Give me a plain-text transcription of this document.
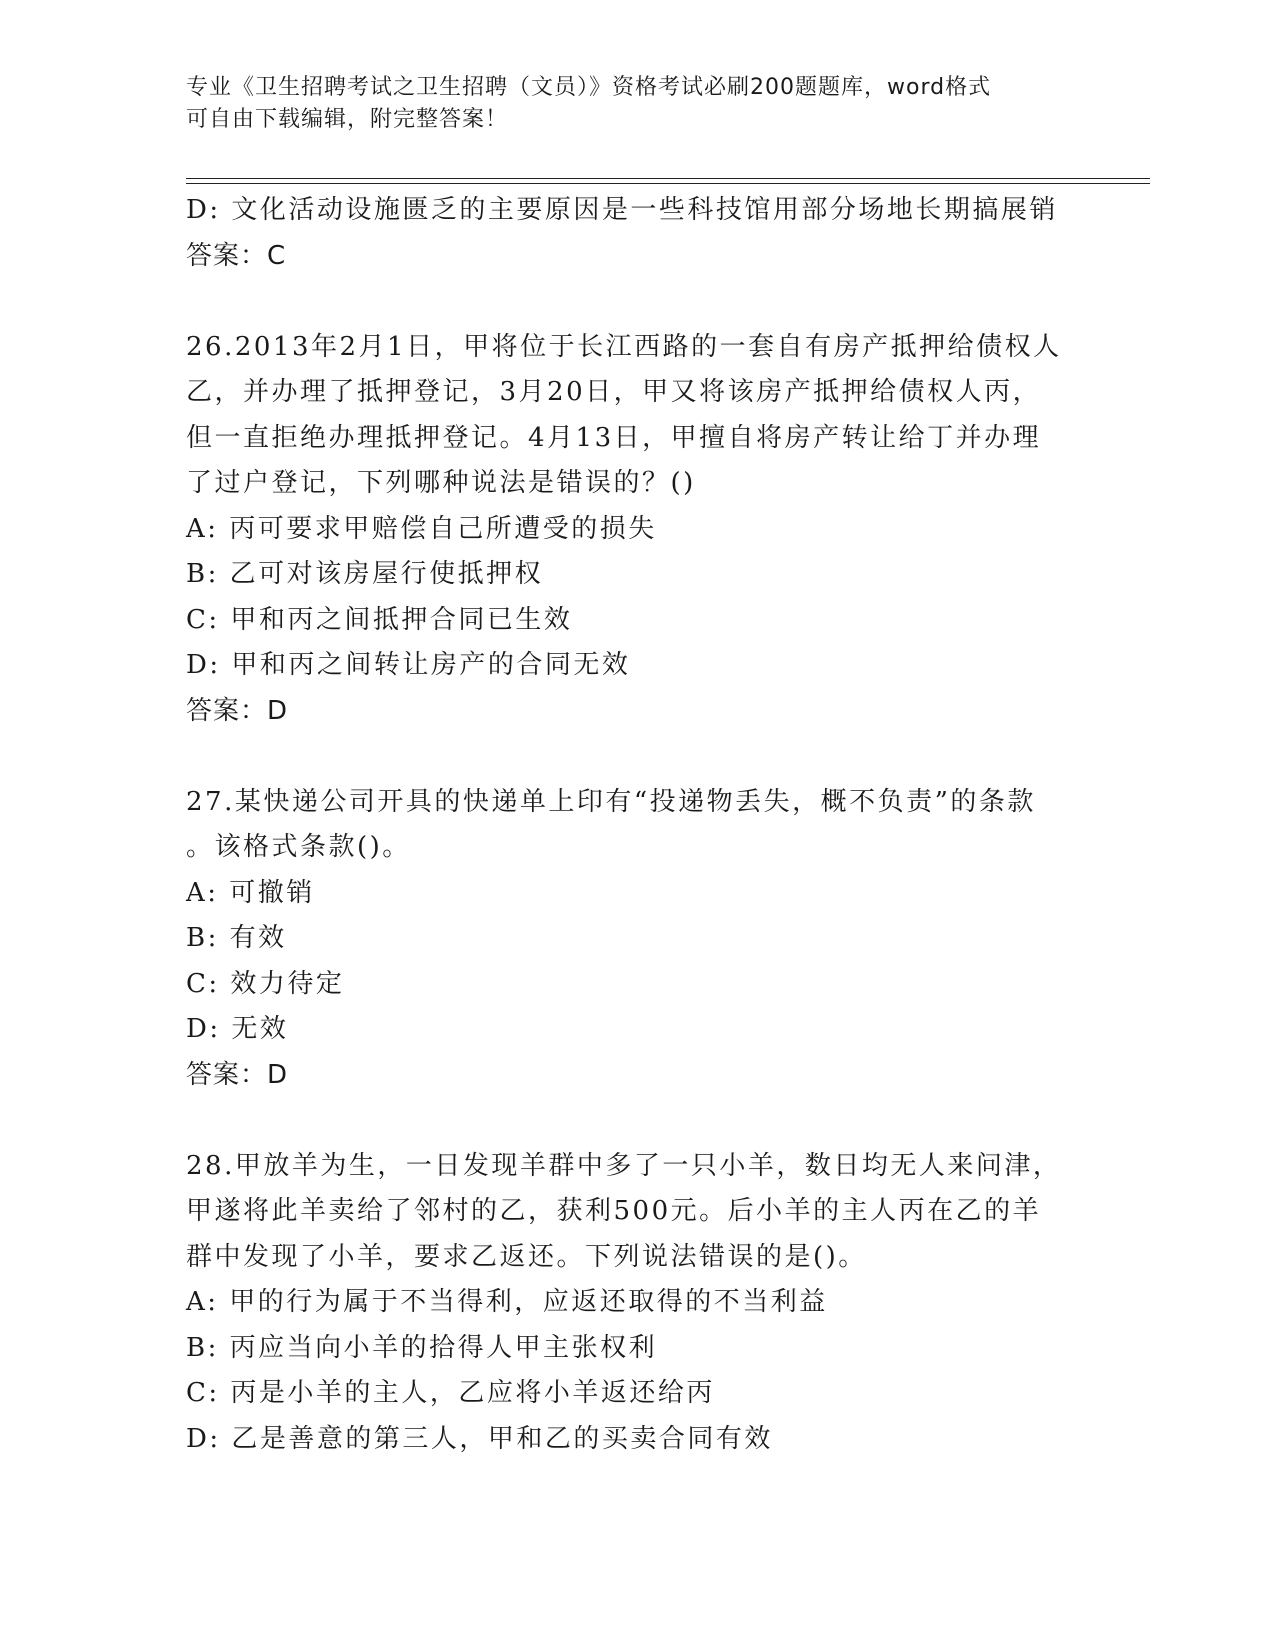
专业《卫生招聘考试之卫生招聘（文员）》资格考试必刷200题题库，word格式
可自由下载编辑，附完整答案！
D: 文化活动设施匮乏的主要原因是一些科技馆用部分场地长期搞展销
答案：C
26.2013年2月1日，甲将位于长江西路的一套自有房产抵押给债权人
乙，并办理了抵押登记，3月20日，甲又将该房产抵押给债权人丙，
但一直拒绝办理抵押登记。4月13日，甲擅自将房产转让给丁并办理
了过户登记，下列哪种说法是错误的？()
A: 丙可要求甲赔偿自己所遭受的损失
B: 乙可对该房屋行使抵押权
C: 甲和丙之间抵押合同已生效
D: 甲和丙之间转让房产的合同无效
答案：D
27.某快递公司开具的快递单上印有“投递物丢失，概不负责”的条款
。该格式条款()。
A: 可撤销
B: 有效
C: 效力待定
D: 无效
答案：D
28.甲放羊为生，一日发现羊群中多了一只小羊，数日均无人来问津，
甲遂将此羊卖给了邻村的乙，获利500元。后小羊的主人丙在乙的羊
群中发现了小羊，要求乙返还。下列说法错误的是()。
A: 甲的行为属于不当得利，应返还取得的不当利益
B: 丙应当向小羊的拾得人甲主张权利
C: 丙是小羊的主人，乙应将小羊返还给丙
D: 乙是善意的第三人，甲和乙的买卖合同有效
